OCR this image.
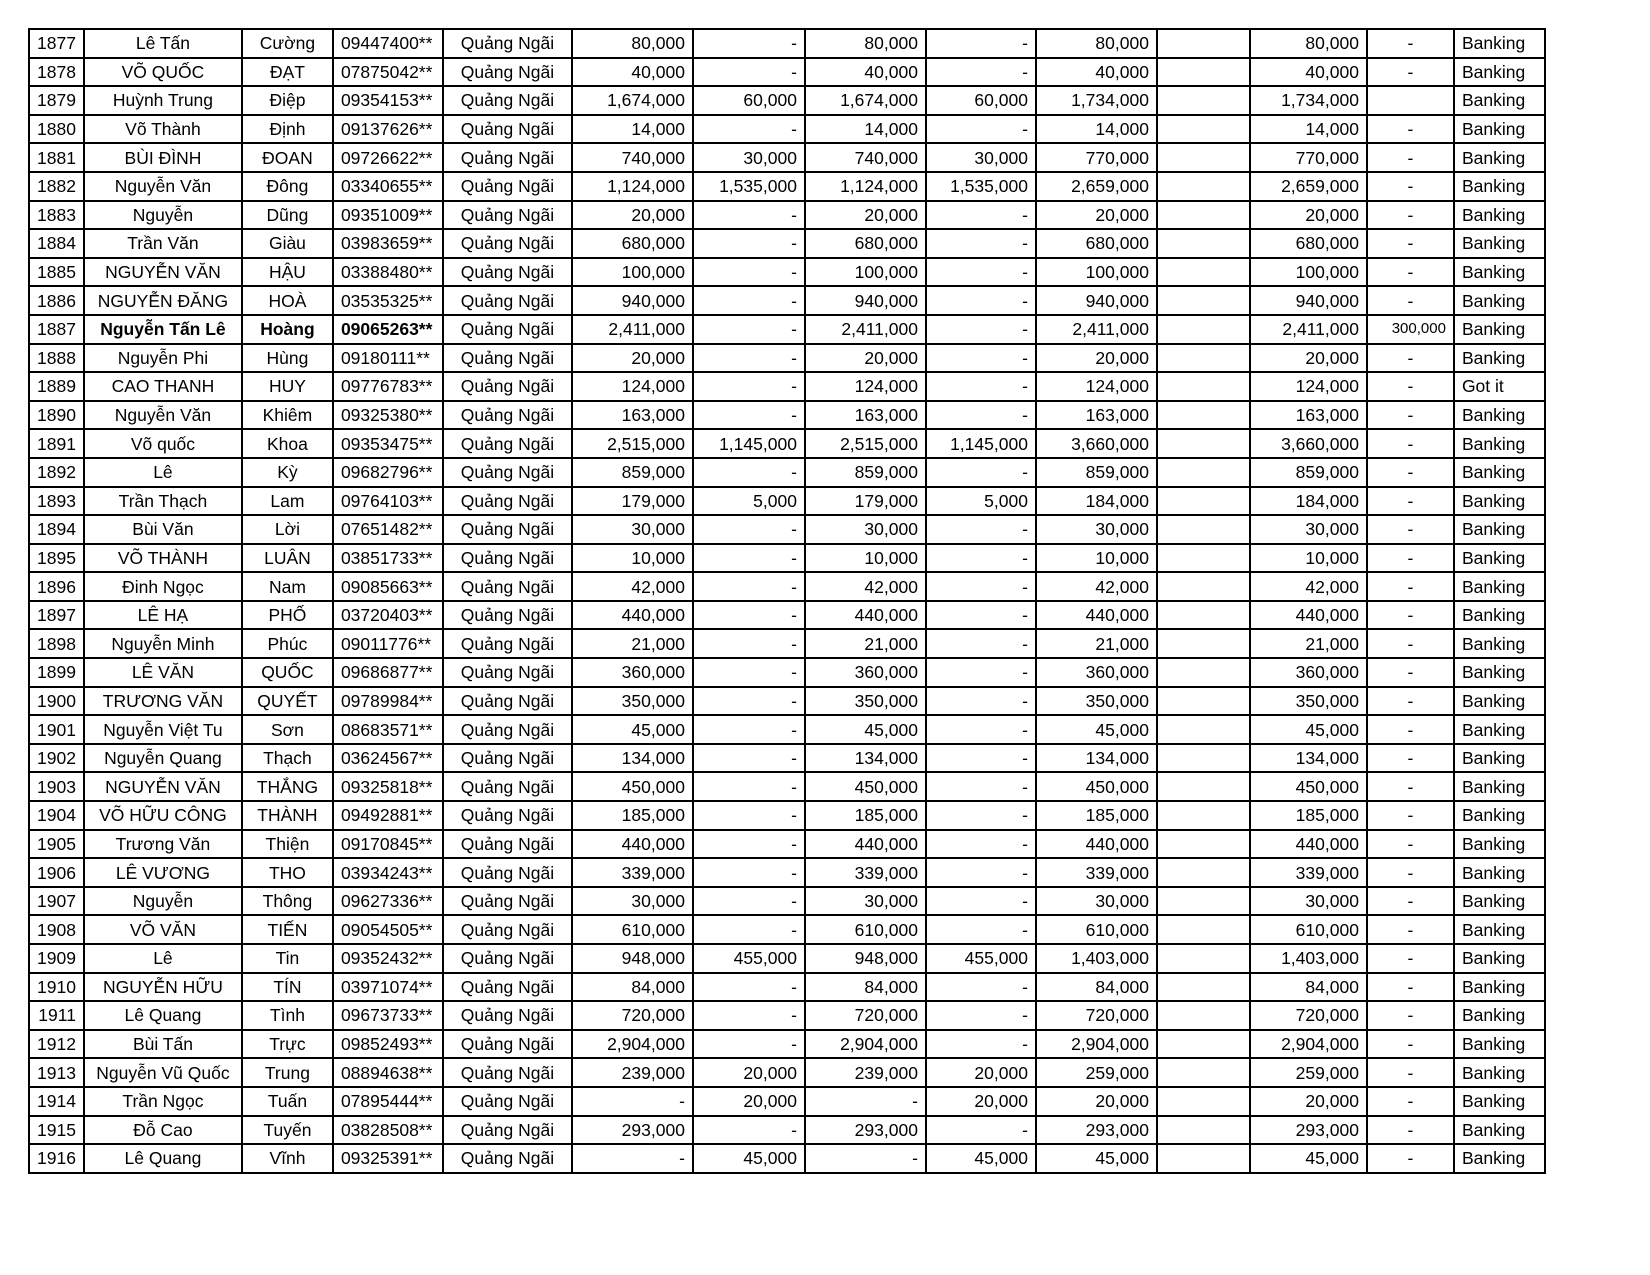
1877	Lê Tấn	Cường	09447400**	Quảng Ngãi	80,000	-	80,000	-	80,000		80,000	-	Banking
1878	VÕ QUỐC	ĐẠT	07875042**	Quảng Ngãi	40,000	-	40,000	-	40,000		40,000	-	Banking
1879	Huỳnh Trung	Điệp	09354153**	Quảng Ngãi	1,674,000	60,000	1,674,000	60,000	1,734,000		1,734,000		Banking
1880	Võ Thành	Định	09137626**	Quảng Ngãi	14,000	-	14,000	-	14,000		14,000	-	Banking
1881	BÙI ĐÌNH	ĐOAN	09726622**	Quảng Ngãi	740,000	30,000	740,000	30,000	770,000		770,000	-	Banking
1882	Nguyễn Văn	Đông	03340655**	Quảng Ngãi	1,124,000	1,535,000	1,124,000	1,535,000	2,659,000		2,659,000	-	Banking
1883	Nguyễn	Dũng	09351009**	Quảng Ngãi	20,000	-	20,000	-	20,000		20,000	-	Banking
1884	Trần Văn	Giàu	03983659**	Quảng Ngãi	680,000	-	680,000	-	680,000		680,000	-	Banking
1885	NGUYỄN VĂN	HẬU	03388480**	Quảng Ngãi	100,000	-	100,000	-	100,000		100,000	-	Banking
1886	NGUYỄN ĐĂNG	HOÀ	03535325**	Quảng Ngãi	940,000	-	940,000	-	940,000		940,000	-	Banking
1887	Nguyễn Tấn Lê	Hoàng	09065263**	Quảng Ngãi	2,411,000	-	2,411,000	-	2,411,000		2,411,000	300,000	Banking
1888	Nguyễn Phi	Hùng	09180111**	Quảng Ngãi	20,000	-	20,000	-	20,000		20,000	-	Banking
1889	CAO THANH	HUY	09776783**	Quảng Ngãi	124,000	-	124,000	-	124,000		124,000	-	Got it
1890	Nguyễn Văn	Khiêm	09325380**	Quảng Ngãi	163,000	-	163,000	-	163,000		163,000	-	Banking
1891	Võ quốc	Khoa	09353475**	Quảng Ngãi	2,515,000	1,145,000	2,515,000	1,145,000	3,660,000		3,660,000	-	Banking
1892	Lê	Kỳ	09682796**	Quảng Ngãi	859,000	-	859,000	-	859,000		859,000	-	Banking
1893	Trần Thạch	Lam	09764103**	Quảng Ngãi	179,000	5,000	179,000	5,000	184,000		184,000	-	Banking
1894	Bùi Văn	Lời	07651482**	Quảng Ngãi	30,000	-	30,000	-	30,000		30,000	-	Banking
1895	VÕ THÀNH	LUÂN	03851733**	Quảng Ngãi	10,000	-	10,000	-	10,000		10,000	-	Banking
1896	Đinh Ngọc	Nam	09085663**	Quảng Ngãi	42,000	-	42,000	-	42,000		42,000	-	Banking
1897	LÊ HẠ	PHỐ	03720403**	Quảng Ngãi	440,000	-	440,000	-	440,000		440,000	-	Banking
1898	Nguyễn Minh	Phúc	09011776**	Quảng Ngãi	21,000	-	21,000	-	21,000		21,000	-	Banking
1899	LÊ VĂN	QUỐC	09686877**	Quảng Ngãi	360,000	-	360,000	-	360,000		360,000	-	Banking
1900	TRƯƠNG VĂN	QUYẾT	09789984**	Quảng Ngãi	350,000	-	350,000	-	350,000		350,000	-	Banking
1901	Nguyễn Việt Tu	Sơn	08683571**	Quảng Ngãi	45,000	-	45,000	-	45,000		45,000	-	Banking
1902	Nguyễn Quang	Thạch	03624567**	Quảng Ngãi	134,000	-	134,000	-	134,000		134,000	-	Banking
1903	NGUYỄN VĂN	THẮNG	09325818**	Quảng Ngãi	450,000	-	450,000	-	450,000		450,000	-	Banking
1904	VÕ HỮU CÔNG	THÀNH	09492881**	Quảng Ngãi	185,000	-	185,000	-	185,000		185,000	-	Banking
1905	Trương Văn	Thiện	09170845**	Quảng Ngãi	440,000	-	440,000	-	440,000		440,000	-	Banking
1906	LÊ VƯƠNG	THO	03934243**	Quảng Ngãi	339,000	-	339,000	-	339,000		339,000	-	Banking
1907	Nguyễn	Thông	09627336**	Quảng Ngãi	30,000	-	30,000	-	30,000		30,000	-	Banking
1908	VÕ VĂN	TIẾN	09054505**	Quảng Ngãi	610,000	-	610,000	-	610,000		610,000	-	Banking
1909	Lê	Tin	09352432**	Quảng Ngãi	948,000	455,000	948,000	455,000	1,403,000		1,403,000	-	Banking
1910	NGUYỄN HỮU	TÍN	03971074**	Quảng Ngãi	84,000	-	84,000	-	84,000		84,000	-	Banking
1911	Lê Quang	Tình	09673733**	Quảng Ngãi	720,000	-	720,000	-	720,000		720,000	-	Banking
1912	Bùi Tấn	Trực	09852493**	Quảng Ngãi	2,904,000	-	2,904,000	-	2,904,000		2,904,000	-	Banking
1913	Nguyễn Vũ Quốc	Trung	08894638**	Quảng Ngãi	239,000	20,000	239,000	20,000	259,000		259,000	-	Banking
1914	Trần Ngọc	Tuấn	07895444**	Quảng Ngãi	-	20,000	-	20,000	20,000		20,000	-	Banking
1915	Đỗ Cao	Tuyến	03828508**	Quảng Ngãi	293,000	-	293,000	-	293,000		293,000	-	Banking
1916	Lê Quang	Vĩnh	09325391**	Quảng Ngãi	-	45,000	-	45,000	45,000		45,000	-	Banking
